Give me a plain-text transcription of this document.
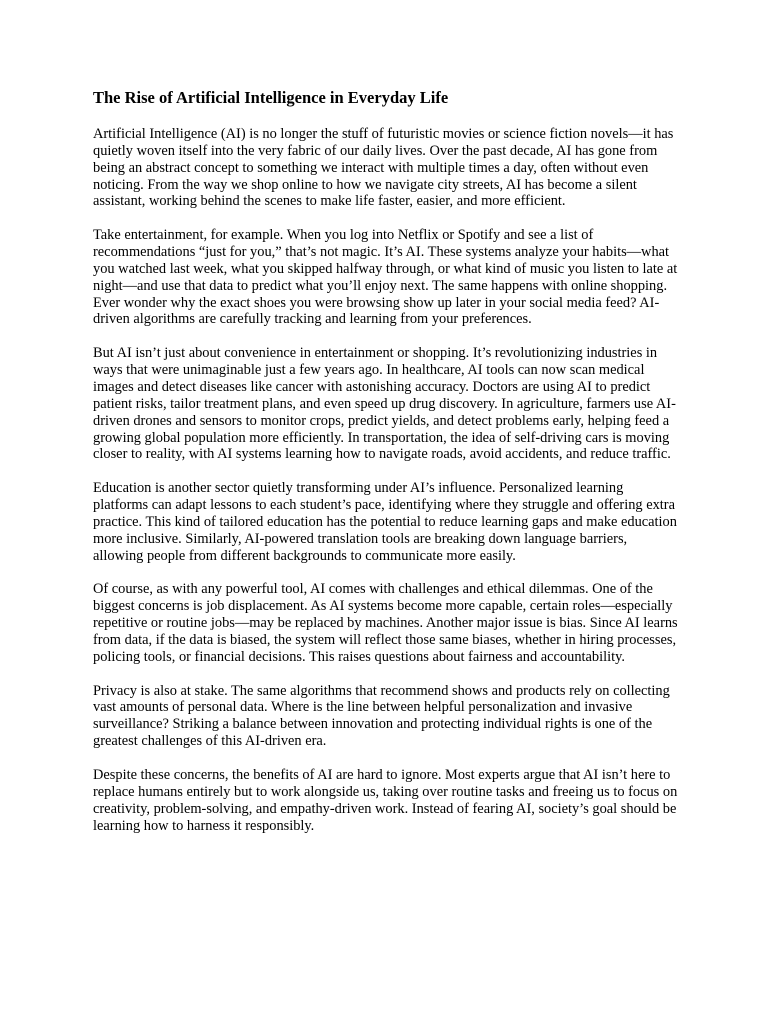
The Rise of Artificial Intelligence in Everyday Life

Artificial Intelligence (AI) is no longer the stuff of futuristic movies or science fiction novels—it has quietly woven itself into the very fabric of our daily lives. Over the past decade, AI has gone from being an abstract concept to something we interact with multiple times a day, often without even noticing. From the way we shop online to how we navigate city streets, AI has become a silent assistant, working behind the scenes to make life faster, easier, and more efficient.

Take entertainment, for example. When you log into Netflix or Spotify and see a list of recommendations “just for you,” that’s not magic. It’s AI. These systems analyze your habits—what you watched last week, what you skipped halfway through, or what kind of music you listen to late at night—and use that data to predict what you’ll enjoy next. The same happens with online shopping. Ever wonder why the exact shoes you were browsing show up later in your social media feed? AI-driven algorithms are carefully tracking and learning from your preferences.

But AI isn’t just about convenience in entertainment or shopping. It’s revolutionizing industries in ways that were unimaginable just a few years ago. In healthcare, AI tools can now scan medical images and detect diseases like cancer with astonishing accuracy. Doctors are using AI to predict patient risks, tailor treatment plans, and even speed up drug discovery. In agriculture, farmers use AI-driven drones and sensors to monitor crops, predict yields, and detect problems early, helping feed a growing global population more efficiently. In transportation, the idea of self-driving cars is moving closer to reality, with AI systems learning how to navigate roads, avoid accidents, and reduce traffic.

Education is another sector quietly transforming under AI’s influence. Personalized learning platforms can adapt lessons to each student’s pace, identifying where they struggle and offering extra practice. This kind of tailored education has the potential to reduce learning gaps and make education more inclusive. Similarly, AI-powered translation tools are breaking down language barriers, allowing people from different backgrounds to communicate more easily.

Of course, as with any powerful tool, AI comes with challenges and ethical dilemmas. One of the biggest concerns is job displacement. As AI systems become more capable, certain roles—especially repetitive or routine jobs—may be replaced by machines. Another major issue is bias. Since AI learns from data, if the data is biased, the system will reflect those same biases, whether in hiring processes, policing tools, or financial decisions. This raises questions about fairness and accountability.

Privacy is also at stake. The same algorithms that recommend shows and products rely on collecting vast amounts of personal data. Where is the line between helpful personalization and invasive surveillance? Striking a balance between innovation and protecting individual rights is one of the greatest challenges of this AI-driven era.

Despite these concerns, the benefits of AI are hard to ignore. Most experts argue that AI isn’t here to replace humans entirely but to work alongside us, taking over routine tasks and freeing us to focus on creativity, problem-solving, and empathy-driven work. Instead of fearing AI, society’s goal should be learning how to harness it responsibly.
